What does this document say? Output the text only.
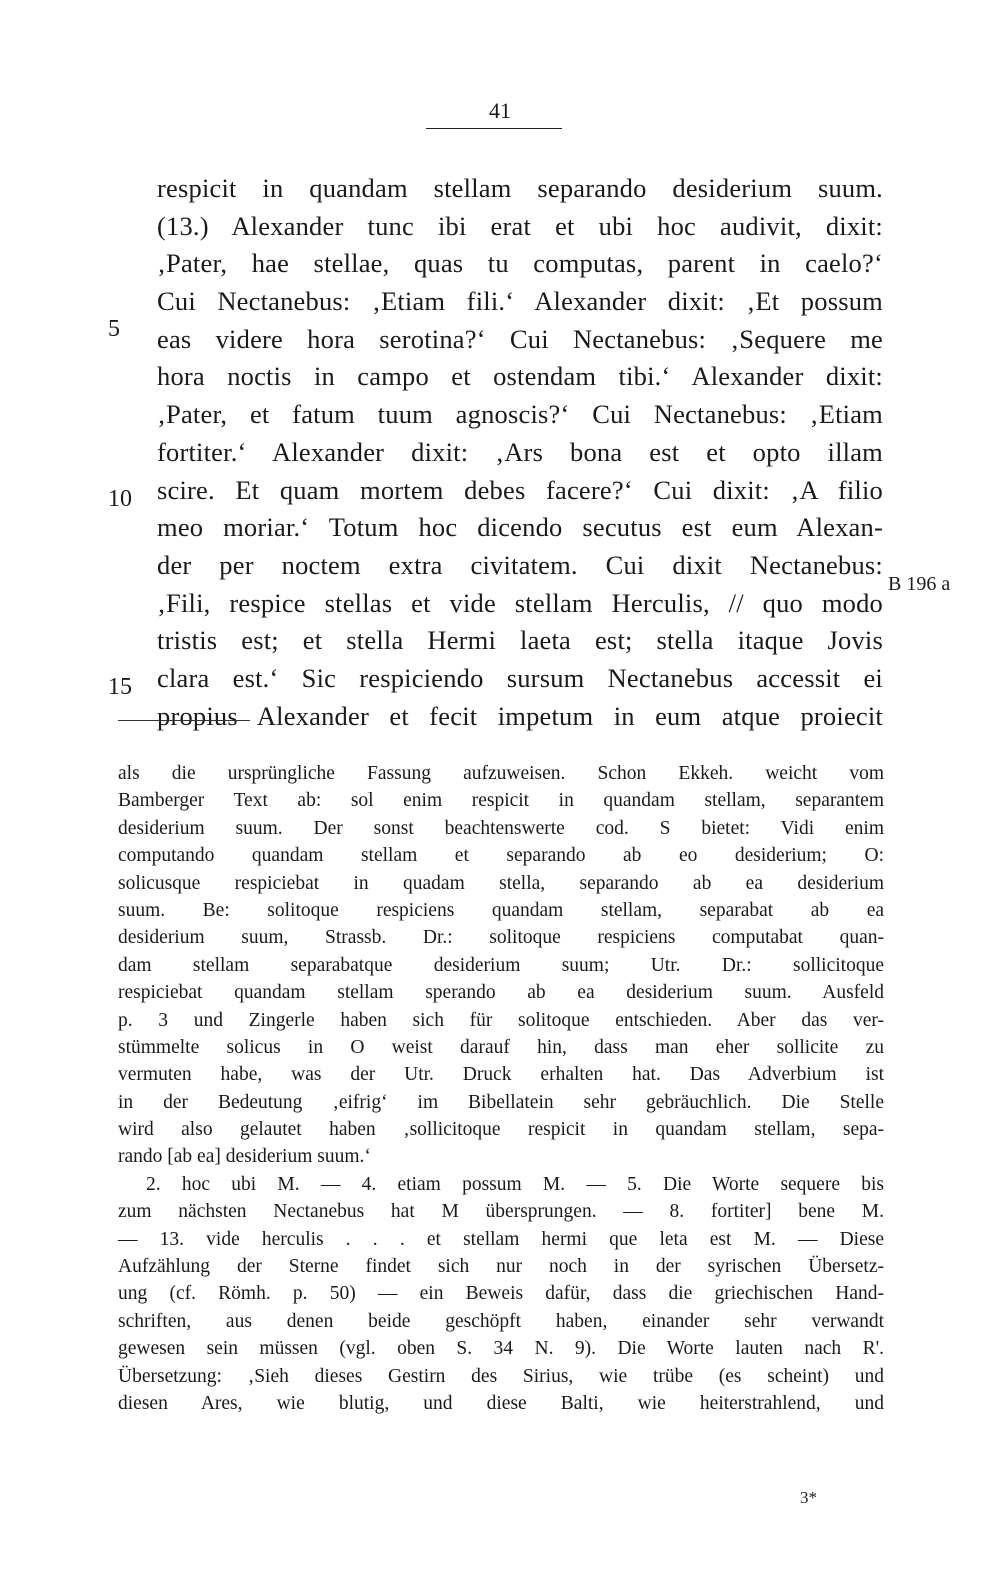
41
5
10
15
B 196 a
respicit in quandam stellam separando desiderium suum.
(13.) Alexander tunc ibi erat et ubi hoc audivit, dixit:
‚Pater, hae stellae, quas tu computas, parent in caelo?‘
Cui Nectanebus: ‚Etiam fili.‘ Alexander dixit: ‚Et possum
eas videre hora serotina?‘ Cui Nectanebus: ‚Sequere me
hora noctis in campo et ostendam tibi.‘ Alexander dixit:
‚Pater, et fatum tuum agnoscis?‘ Cui Nectanebus: ‚Etiam
fortiter.‘ Alexander dixit: ‚Ars bona est et opto illam
scire. Et quam mortem debes facere?‘ Cui dixit: ‚A filio
meo moriar.‘ Totum hoc dicendo secutus est eum Alexan-
der per noctem extra civitatem. Cui dixit Nectanebus:
‚Fili, respice stellas et vide stellam Herculis, // quo modo
tristis est; et stella Hermi laeta est; stella itaque Jovis
clara est.‘ Sic respiciendo sursum Nectanebus accessit ei
propius Alexander et fecit impetum in eum atque proiecit
als die ursprüngliche Fassung aufzuweisen. Schon Ekkeh. weicht vom
Bamberger Text ab: sol enim respicit in quandam stellam, separantem
desiderium suum. Der sonst beachtenswerte cod. S bietet: Vidi enim
computando quandam stellam et separando ab eo desiderium; O:
solicusque respiciebat in quadam stella, separando ab ea desiderium
suum. Be: solitoque respiciens quandam stellam, separabat ab ea
desiderium suum, Strassb. Dr.: solitoque respiciens computabat quan-
dam stellam separabatque desiderium suum; Utr. Dr.: sollicitoque
respiciebat quandam stellam sperando ab ea desiderium suum. Ausfeld
p. 3 und Zingerle haben sich für solitoque entschieden. Aber das ver-
stümmelte solicus in O weist darauf hin, dass man eher sollicite zu
vermuten habe, was der Utr. Druck erhalten hat. Das Adverbium ist
in der Bedeutung ‚eifrig‘ im Bibellatein sehr gebräuchlich. Die Stelle
wird also gelautet haben ‚sollicitoque respicit in quandam stellam, sepa-
rando [ab ea] desiderium suum.‘
2. hoc ubi M. — 4. etiam possum M. — 5. Die Worte sequere bis
zum nächsten Nectanebus hat M übersprungen. — 8. fortiter] bene M.
— 13. vide herculis . . . et stellam hermi que leta est M. — Diese
Aufzählung der Sterne findet sich nur noch in der syrischen Übersetz-
ung (cf. Römh. p. 50) — ein Beweis dafür, dass die griechischen Hand-
schriften, aus denen beide geschöpft haben, einander sehr verwandt
gewesen sein müssen (vgl. oben S. 34 N. 9). Die Worte lauten nach R'.
Übersetzung: ‚Sieh dieses Gestirn des Sirius, wie trübe (es scheint) und
diesen Ares, wie blutig, und diese Balti, wie heiterstrahlend, und
3*
